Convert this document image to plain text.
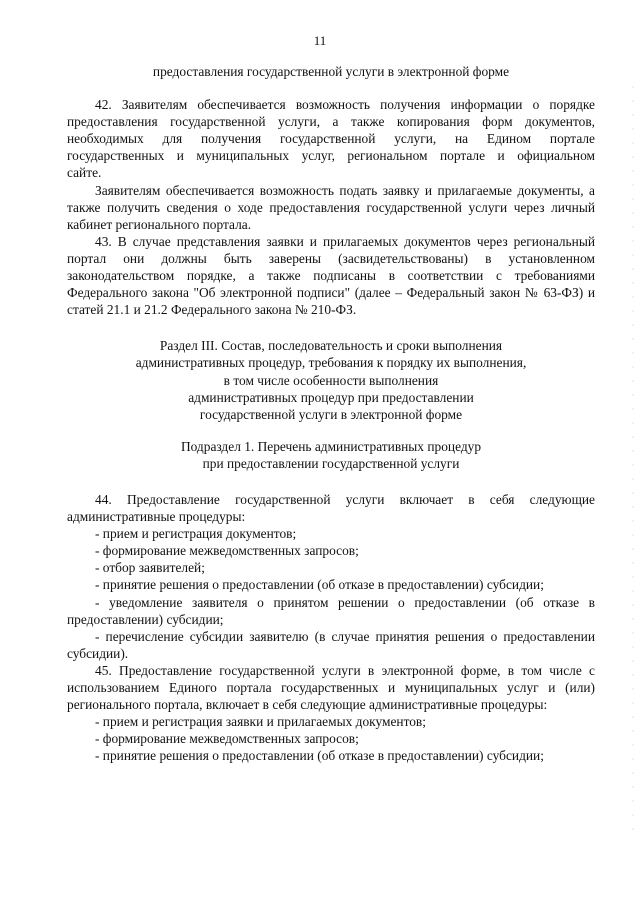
11

предоставления государственной услуги в электронной форме

42. Заявителям обеспечивается возможность получения информации о порядке предоставления государственной услуги, а также копирования форм документов, необходимых для получения государственной услуги, на Едином портале государственных и муниципальных услуг, региональном портале и официальном сайте.

Заявителям обеспечивается возможность подать заявку и прилагаемые документы, а также получить сведения о ходе предоставления государственной услуги через личный кабинет регионального портала.

43. В случае представления заявки и прилагаемых документов через региональный портал они должны быть заверены (засвидетельствованы) в установленном законодательством порядке, а также подписаны в соответствии с требованиями Федерального закона "Об электронной подписи" (далее – Федеральный закон № 63-ФЗ) и статей 21.1 и 21.2 Федерального закона № 210-ФЗ.

Раздел III. Состав, последовательность и сроки выполнения

административных процедур, требования к порядку их выполнения,

в том числе особенности выполнения

административных процедур при предоставлении

государственной услуги в электронной форме

Подраздел 1. Перечень административных процедур

при предоставлении государственной услуги

44. Предоставление государственной услуги включает в себя следующие административные процедуры:

- прием и регистрация документов;

- формирование межведомственных запросов;

- отбор заявителей;

- принятие решения о предоставлении (об отказе в предоставлении) субсидии;

- уведомление заявителя о принятом решении о предоставлении (об отказе в предоставлении) субсидии;

- перечисление субсидии заявителю (в случае принятия решения о предоставлении субсидии).

45. Предоставление государственной услуги в электронной форме, в том числе с использованием Единого портала государственных и муниципальных услуг и (или) регионального портала, включает в себя следующие административные процедуры:

- прием и регистрация заявки и прилагаемых документов;

- формирование межведомственных запросов;

- принятие решения о предоставлении (об отказе в предоставлении) субсидии;
